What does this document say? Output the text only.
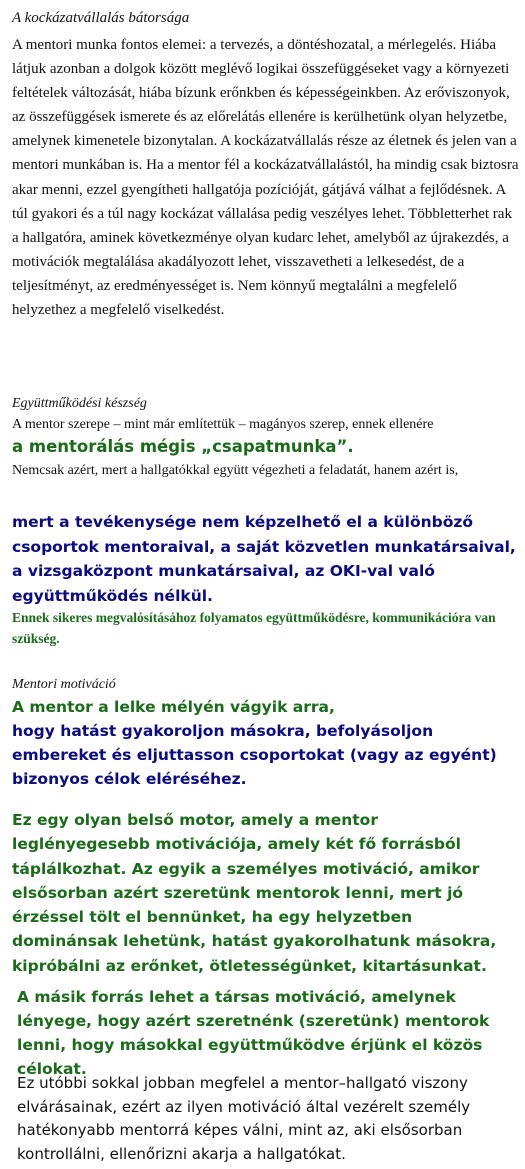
A kockázatvállalás bátorsága
A mentori munka fontos elemei: a tervezés, a döntéshozatal, a mérlegelés. Hiába látjuk azonban a dolgok között meglévő logikai összefüggéseket vagy a környezeti feltételek változását, hiába bízunk erőnkben és képességeinkben. Az erőviszonyok, az összefüggések ismerete és az előrelátás ellenére is kerülhetünk olyan helyzetbe, amelynek kimenetele bizonytalan. A kockázatvállalás része az életnek és jelen van a mentori munkában is. Ha a mentor fél a kockázatvállalástól, ha mindig csak biztosra akar menni, ezzel gyengítheti hallgatója pozícióját, gátjává válhat a fejlődésnek. A túl gyakori és a túl nagy kockázat vállalása pedig veszélyes lehet. Többletterhet rak a hallgatóra, aminek következménye olyan kudarc lehet, amelyből az újrakezdés, a motivációk megtalálása akadályozott lehet, visszavetheti a lelkesedést, de a teljesítményt, az eredményességet is. Nem könnyű megtalálni a megfelelő helyzethez a megfelelő viselkedést.
Együttműködési készség
A mentor szerepe – mint már említettük – magányos szerep, ennek ellenére
a mentorálás mégis „csapatmunka”.
Nemcsak azért, mert a hallgatókkal együtt végezheti a feladatát, hanem azért is,
mert a tevékenysége nem képzelhető el a különböző csoportok mentoraival, a saját közvetlen munkatársaival, a vizsgaközpont munkatársaival, az OKI-val való együttműködés nélkül.
Ennek sikeres megvalósításához folyamatos együttműködésre, kommunikációra van szükség.
Mentori motiváció
A mentor a lelke mélyén vágyik arra,
hogy hatást gyakoroljon másokra, befolyásoljon embereket és eljuttasson csoportokat (vagy az egyént) bizonyos célok eléréséhez.
Ez egy olyan belső motor, amely a mentor leglényegesebb motivációja, amely két fő forrásból táplálkozhat. Az egyik a személyes motiváció, amikor elsősorban azért szeretünk mentorok lenni, mert jó érzéssel tölt el bennünket, ha egy helyzetben dominánsak lehetünk, hatást gyakorolhatunk másokra, kipróbálni az erőnket, ötletességünket, kitartásunkat.
A másik forrás lehet a társas motiváció, amelynek lényege, hogy azért szeretnénk (szeretünk) mentorok lenni, hogy másokkal együttműködve érjünk el közös célokat.
Ez utóbbi sokkal jobban megfelel a mentor–hallgató viszony elvárásainak, ezért az ilyen motiváció által vezérelt személy hatékonyabb mentorrá képes válni, mint az, aki elsősorban kontrollálni, ellenőrizni akarja a hallgatókat.
